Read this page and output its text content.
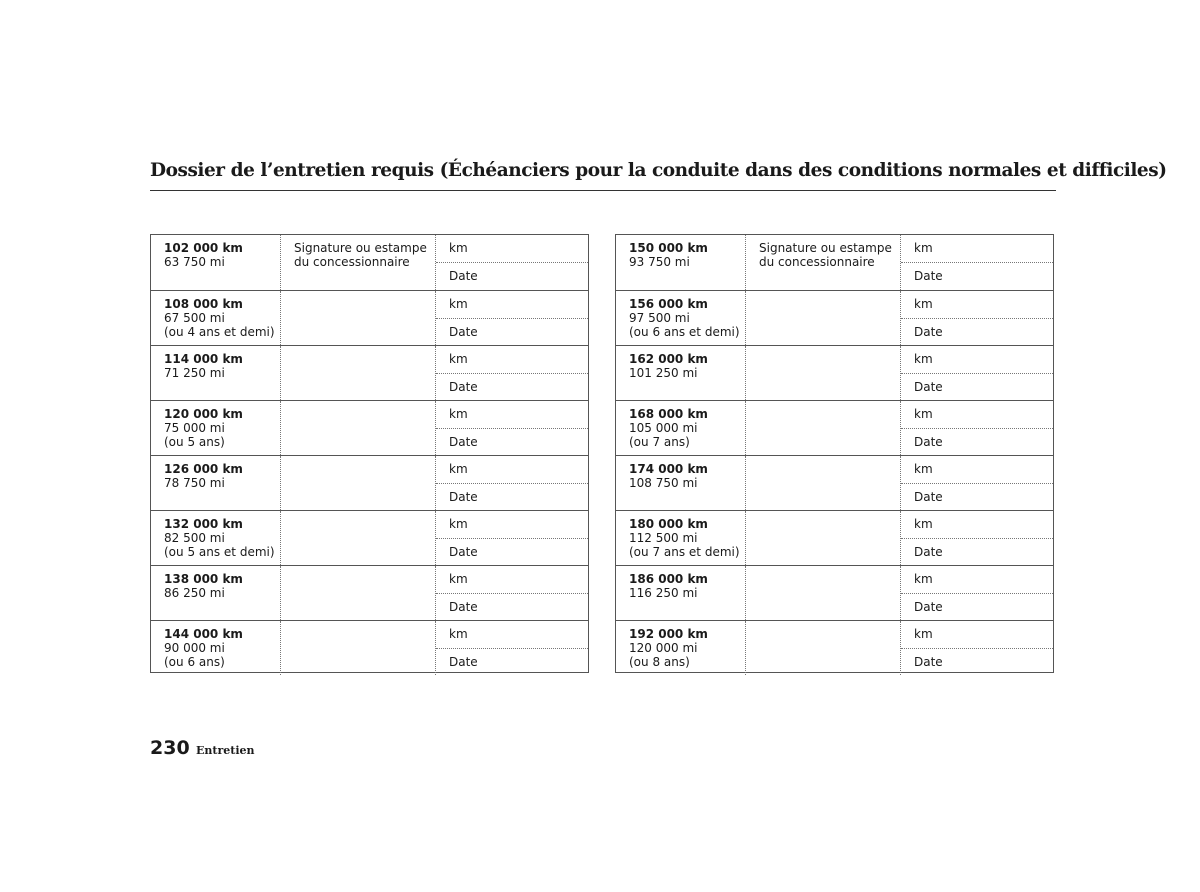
Dossier de l’entretien requis (Échéanciers pour la conduite dans des conditions normales et difficiles)
102 000 km
63 750 mi
Signature ou estampe
du concessionnaire
km
Date
108 000 km
67 500 mi
(ou 4 ans et demi)
km
Date
114 000 km
71 250 mi
km
Date
120 000 km
75 000 mi
(ou 5 ans)
km
Date
126 000 km
78 750 mi
km
Date
132 000 km
82 500 mi
(ou 5 ans et demi)
km
Date
138 000 km
86 250 mi
km
Date
144 000 km
90 000 mi
(ou 6 ans)
km
Date
150 000 km
93 750 mi
Signature ou estampe
du concessionnaire
km
Date
156 000 km
97 500 mi
(ou 6 ans et demi)
km
Date
162 000 km
101 250 mi
km
Date
168 000 km
105 000 mi
(ou 7 ans)
km
Date
174 000 km
108 750 mi
km
Date
180 000 km
112 500 mi
(ou 7 ans et demi)
km
Date
186 000 km
116 250 mi
km
Date
192 000 km
120 000 mi
(ou 8 ans)
km
Date
230 Entretien
